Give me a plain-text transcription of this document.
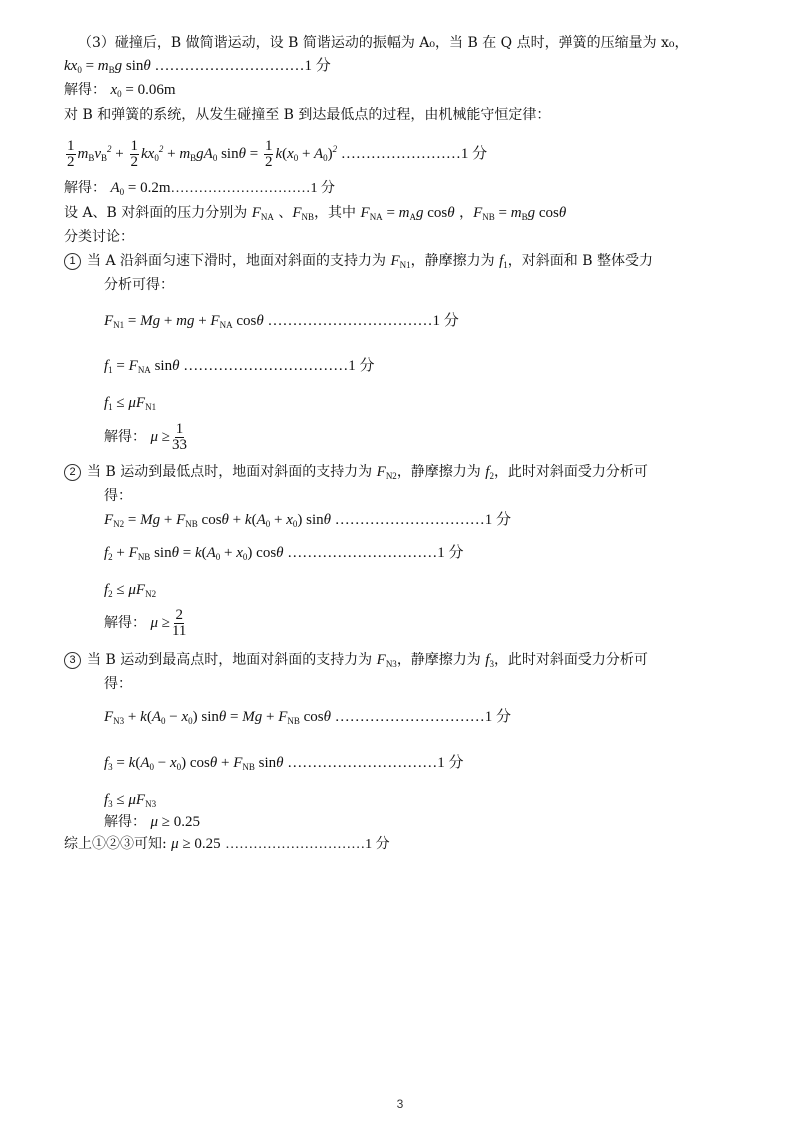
（3）碰撞后，B 做简谐运动，设 B 简谐运动的振幅为 A₀，当 B 在 Q 点时，弹簧的压缩量为 x₀，
$kx_0 = m_Bg$ sinθ …………………………1 分
解得： $x_0 = 0.06m$
对 B 和弹簧的系统，从发生碰撞至 B 到达最低点的过程，由机械能守恒定律：
$\frac{1}{2} m_Bv_B^2 + \frac{1}{2} kx_0^2 + m_BgA_0$ $\sin\theta = \frac{1}{2} k(x_0 + A_0)^2$ ……………………1 分
解得： $A_0$ = 0.2m…………………………1 分
设 A、B 对斜面的压力分别为 $F_{NA}$ 、$F_{NB}$，其中 $F_{NA} = m_Ag$ cosθ ，$F_{NB} = m_Bg$ cosθ
分类讨论：
1 当 A 沿斜面匀速下滑时，地面对斜面的支持力为 $F_{N1}$，静摩擦力为 $f_1$，对斜面和 B 整体受力
分析可得：
$F_{N1} = Mg$ + mg + $F_{NA}$ cosθ ……………………………1 分
$f_1 = F_{NA}$ sinθ ……………………………1 分
$f_1 \le \mu F_{N1}$
解得： $\mu \ge \frac{1}{33}$
2 当 B 运动到最低点时，地面对斜面的支持力为 $F_{N2}$，静摩擦力为 $f_2$，此时对斜面受力分析可
得：
$F_{N2} = Mg + F_{NB}$ $\cos\theta + k(A_0 + x_0)$ sinθ …………………………1 分
$f_2 + F_{NB}$ $\sin\theta = k(A_0 + x_0)$ cosθ …………………………1 分
$f_2 \le \mu F_{N2}$
解得： $\mu \ge \frac{2}{11}$
3 当 B 运动到最高点时，地面对斜面的支持力为 $F_{N3}$，静摩擦力为 $f_3$，此时对斜面受力分析可
得：
$F_{N3} + k(A_0 - x_0) \sin\theta = Mg + F_{NB}$ cosθ …………………………1 分
$f_3 = k(A_0 - x_0) \cos\theta + F_{NB}$ sinθ …………………………1 分
$f_3 \le \mu F_{N3}$
解得： μ ≥ 0.25
综上①②③可知: μ ≥ 0.25 …………………………1 分
3
